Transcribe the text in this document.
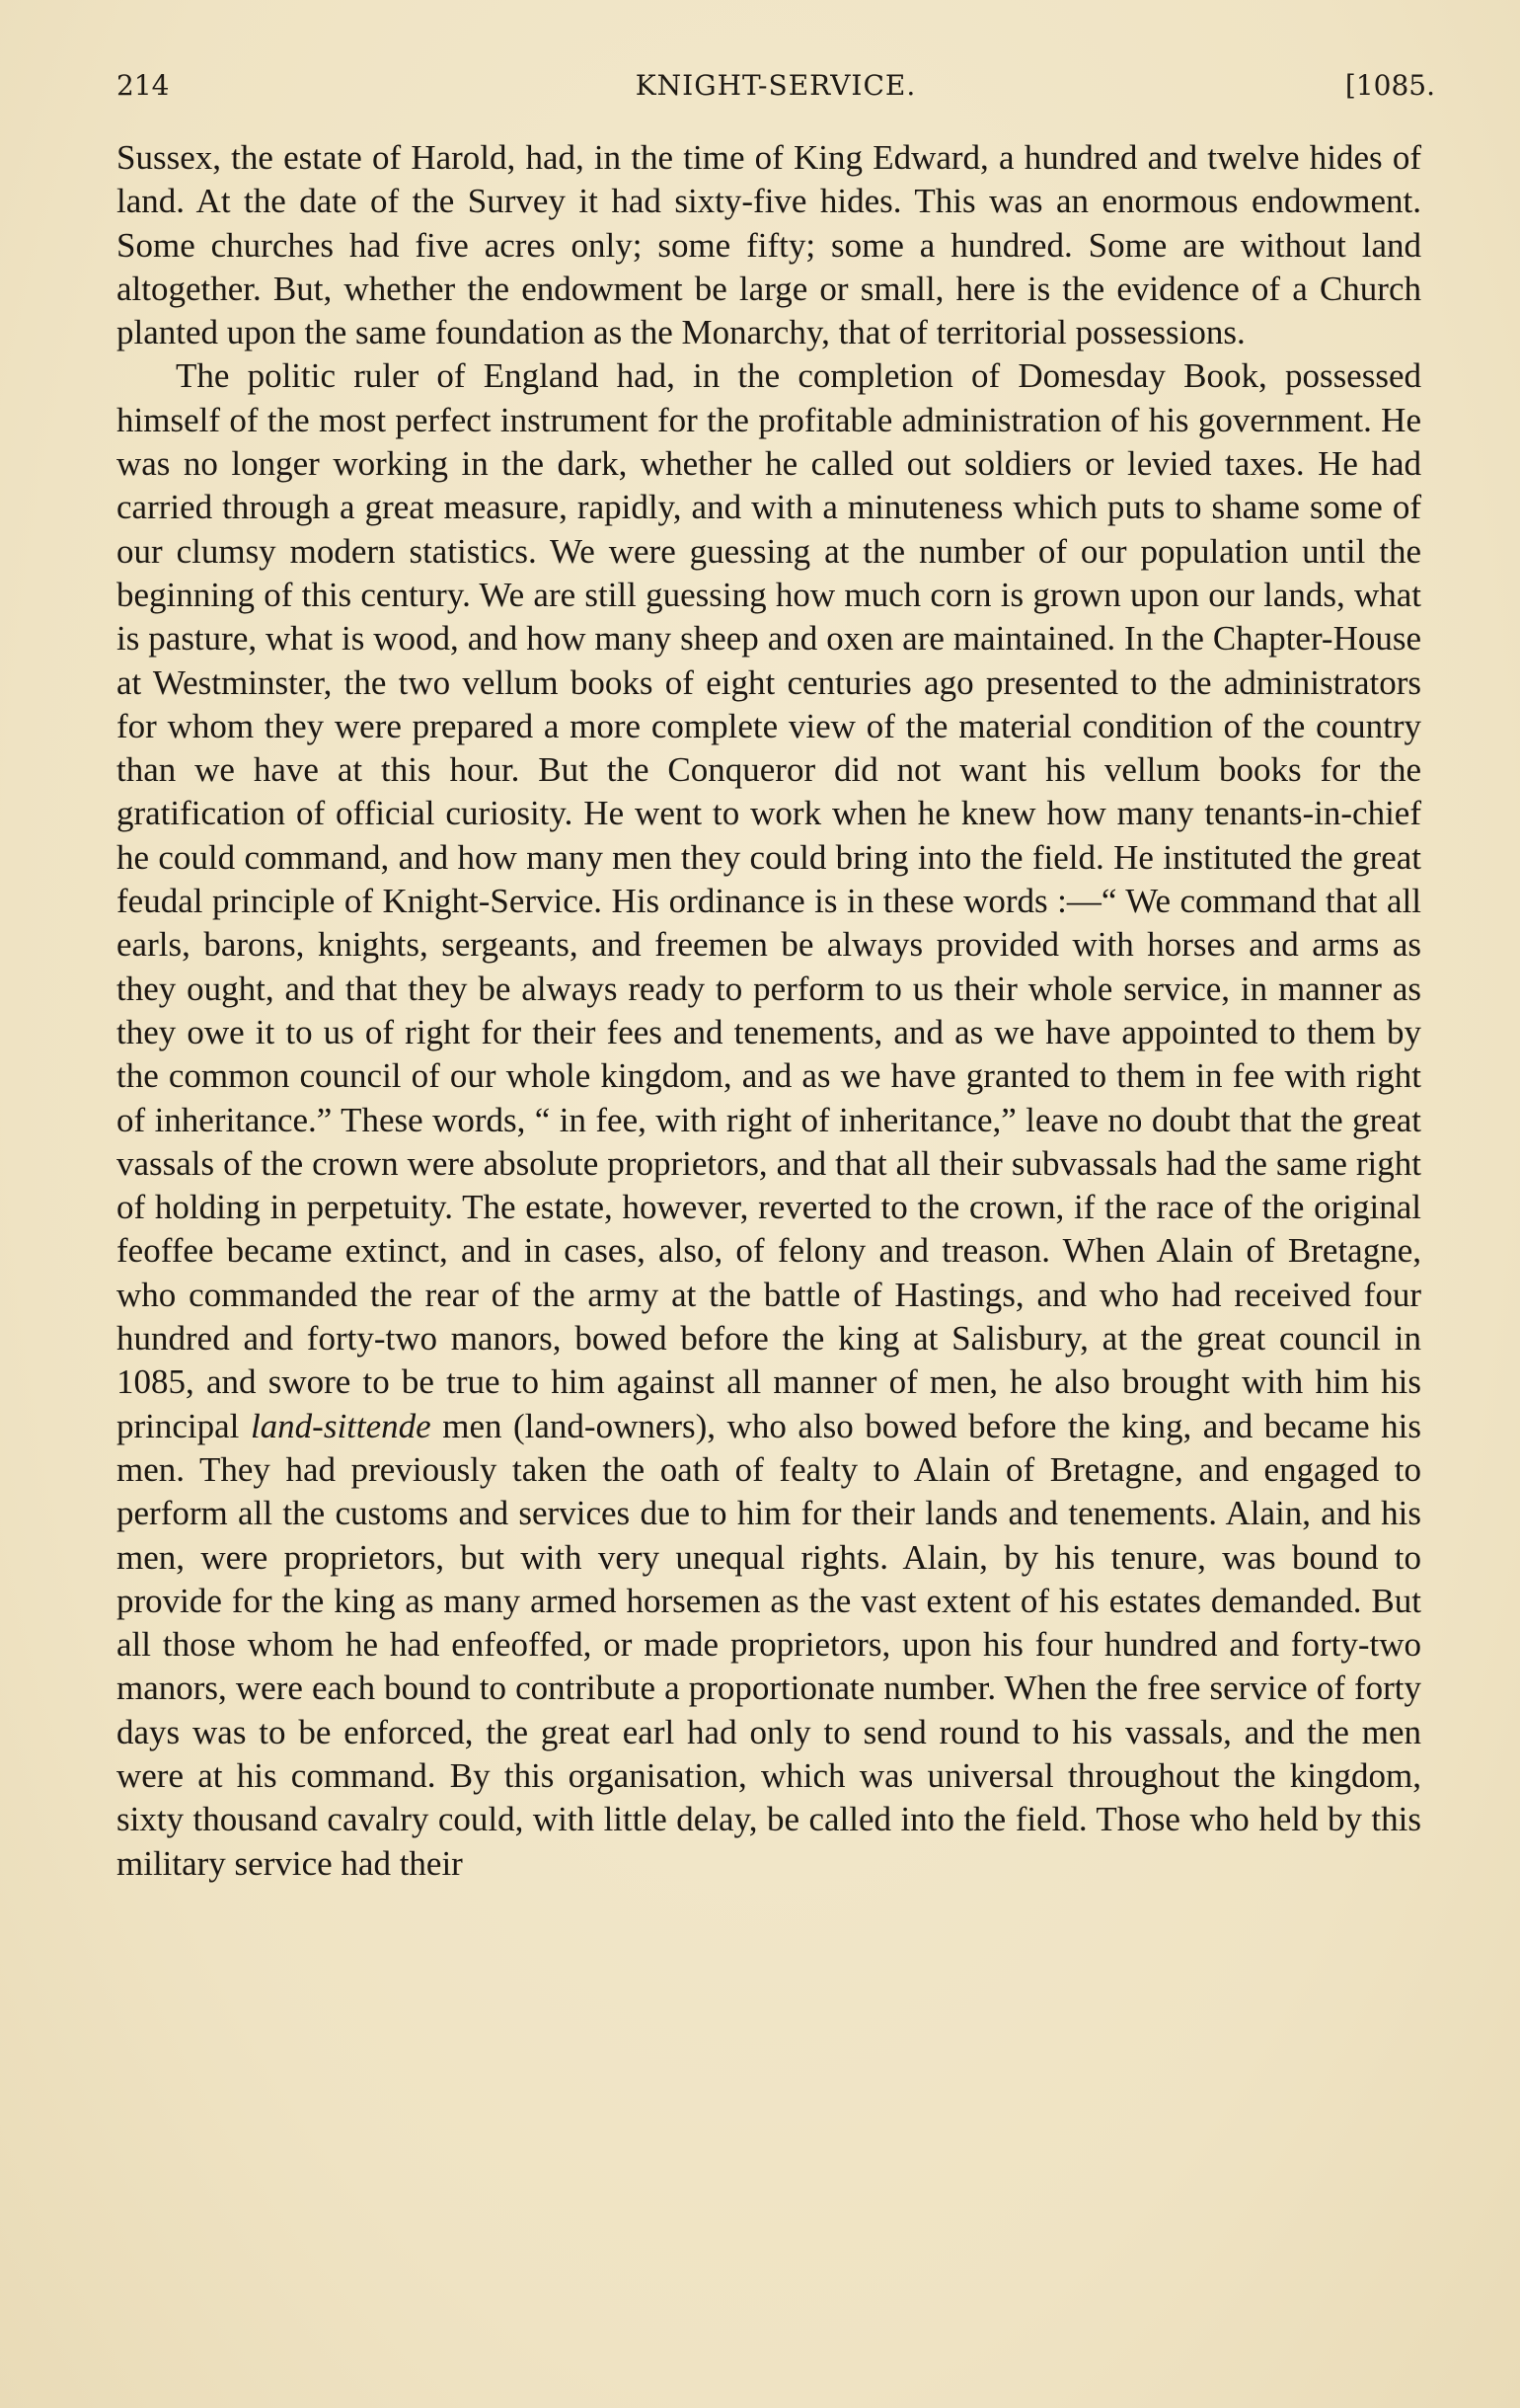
214	KNIGHT-SERVICE.	[1085.

Sussex, the estate of Harold, had, in the time of King Edward, a hundred and twelve hides of land. At the date of the Survey it had sixty-five hides. This was an enormous endowment. Some churches had five acres only; some fifty; some a hundred. Some are without land altogether. But, whether the endowment be large or small, here is the evidence of a Church planted upon the same foundation as the Monarchy, that of territorial possessions.

The politic ruler of England had, in the completion of Domesday Book, possessed himself of the most perfect instrument for the profitable administration of his government. He was no longer working in the dark, whether he called out soldiers or levied taxes. He had carried through a great measure, rapidly, and with a minuteness which puts to shame some of our clumsy modern statistics. We were guessing at the number of our population until the beginning of this century. We are still guessing how much corn is grown upon our lands, what is pasture, what is wood, and how many sheep and oxen are maintained. In the Chapter-House at Westminster, the two vellum books of eight centuries ago presented to the administrators for whom they were prepared a more complete view of the material condition of the country than we have at this hour. But the Conqueror did not want his vellum books for the gratification of official curiosity. He went to work when he knew how many tenants-in-chief he could command, and how many men they could bring into the field. He instituted the great feudal principle of Knight-Service. His ordinance is in these words :—“ We command that all earls, barons, knights, sergeants, and freemen be always provided with horses and arms as they ought, and that they be always ready to perform to us their whole service, in manner as they owe it to us of right for their fees and tenements, and as we have appointed to them by the common council of our whole kingdom, and as we have granted to them in fee with right of inheritance.” These words, “ in fee, with right of inheritance,” leave no doubt that the great vassals of the crown were absolute proprietors, and that all their subvassals had the same right of holding in perpetuity. The estate, however, reverted to the crown, if the race of the original feoffee became extinct, and in cases, also, of felony and treason. When Alain of Bretagne, who commanded the rear of the army at the battle of Hastings, and who had received four hundred and forty-two manors, bowed before the king at Salisbury, at the great council in 1085, and swore to be true to him against all manner of men, he also brought with him his principal land-sittende men (land-owners), who also bowed before the king, and became his men. They had previously taken the oath of fealty to Alain of Bretagne, and engaged to perform all the customs and services due to him for their lands and tenements. Alain, and his men, were proprietors, but with very unequal rights. Alain, by his tenure, was bound to provide for the king as many armed horsemen as the vast extent of his estates demanded. But all those whom he had enfeoffed, or made proprietors, upon his four hundred and forty-two manors, were each bound to contribute a proportionate number. When the free service of forty days was to be enforced, the great earl had only to send round to his vassals, and the men were at his command. By this organisation, which was universal throughout the kingdom, sixty thousand cavalry could, with little delay, be called into the field. Those who held by this military service had their
